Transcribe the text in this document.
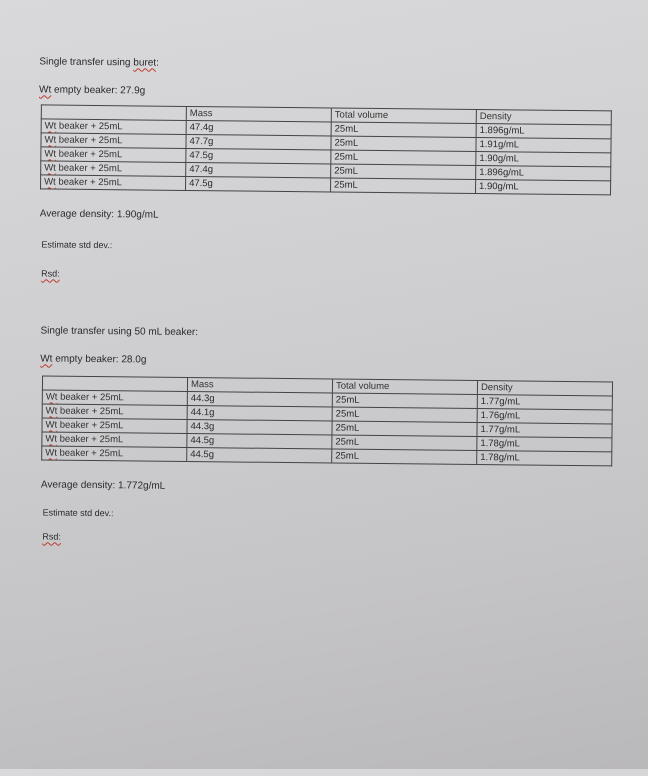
Single transfer using buret:
Wt empty beaker: 27.9g
	Mass	Total volume	Density
Wt beaker + 25mL	47.4g	25mL	1.896g/mL
Wt beaker + 25mL	47.7g	25mL	1.91g/mL
Wt beaker + 25mL	47.5g	25mL	1.90g/mL
Wt beaker + 25mL	47.4g	25mL	1.896g/mL
Wt beaker + 25mL	47.5g	25mL	1.90g/mL
Average density: 1.90g/mL
Estimate std dev.:
Rsd:
Single transfer using 50 mL beaker:
Wt empty beaker: 28.0g
	Mass	Total volume	Density
Wt beaker + 25mL	44.3g	25mL	1.77g/mL
Wt beaker + 25mL	44.1g	25mL	1.76g/mL
Wt beaker + 25mL	44.3g	25mL	1.77g/mL
Wt beaker + 25mL	44.5g	25mL	1.78g/mL
Wt beaker + 25mL	44.5g	25mL	1.78g/mL
Average density: 1.772g/mL
Estimate std dev.:
Rsd:
